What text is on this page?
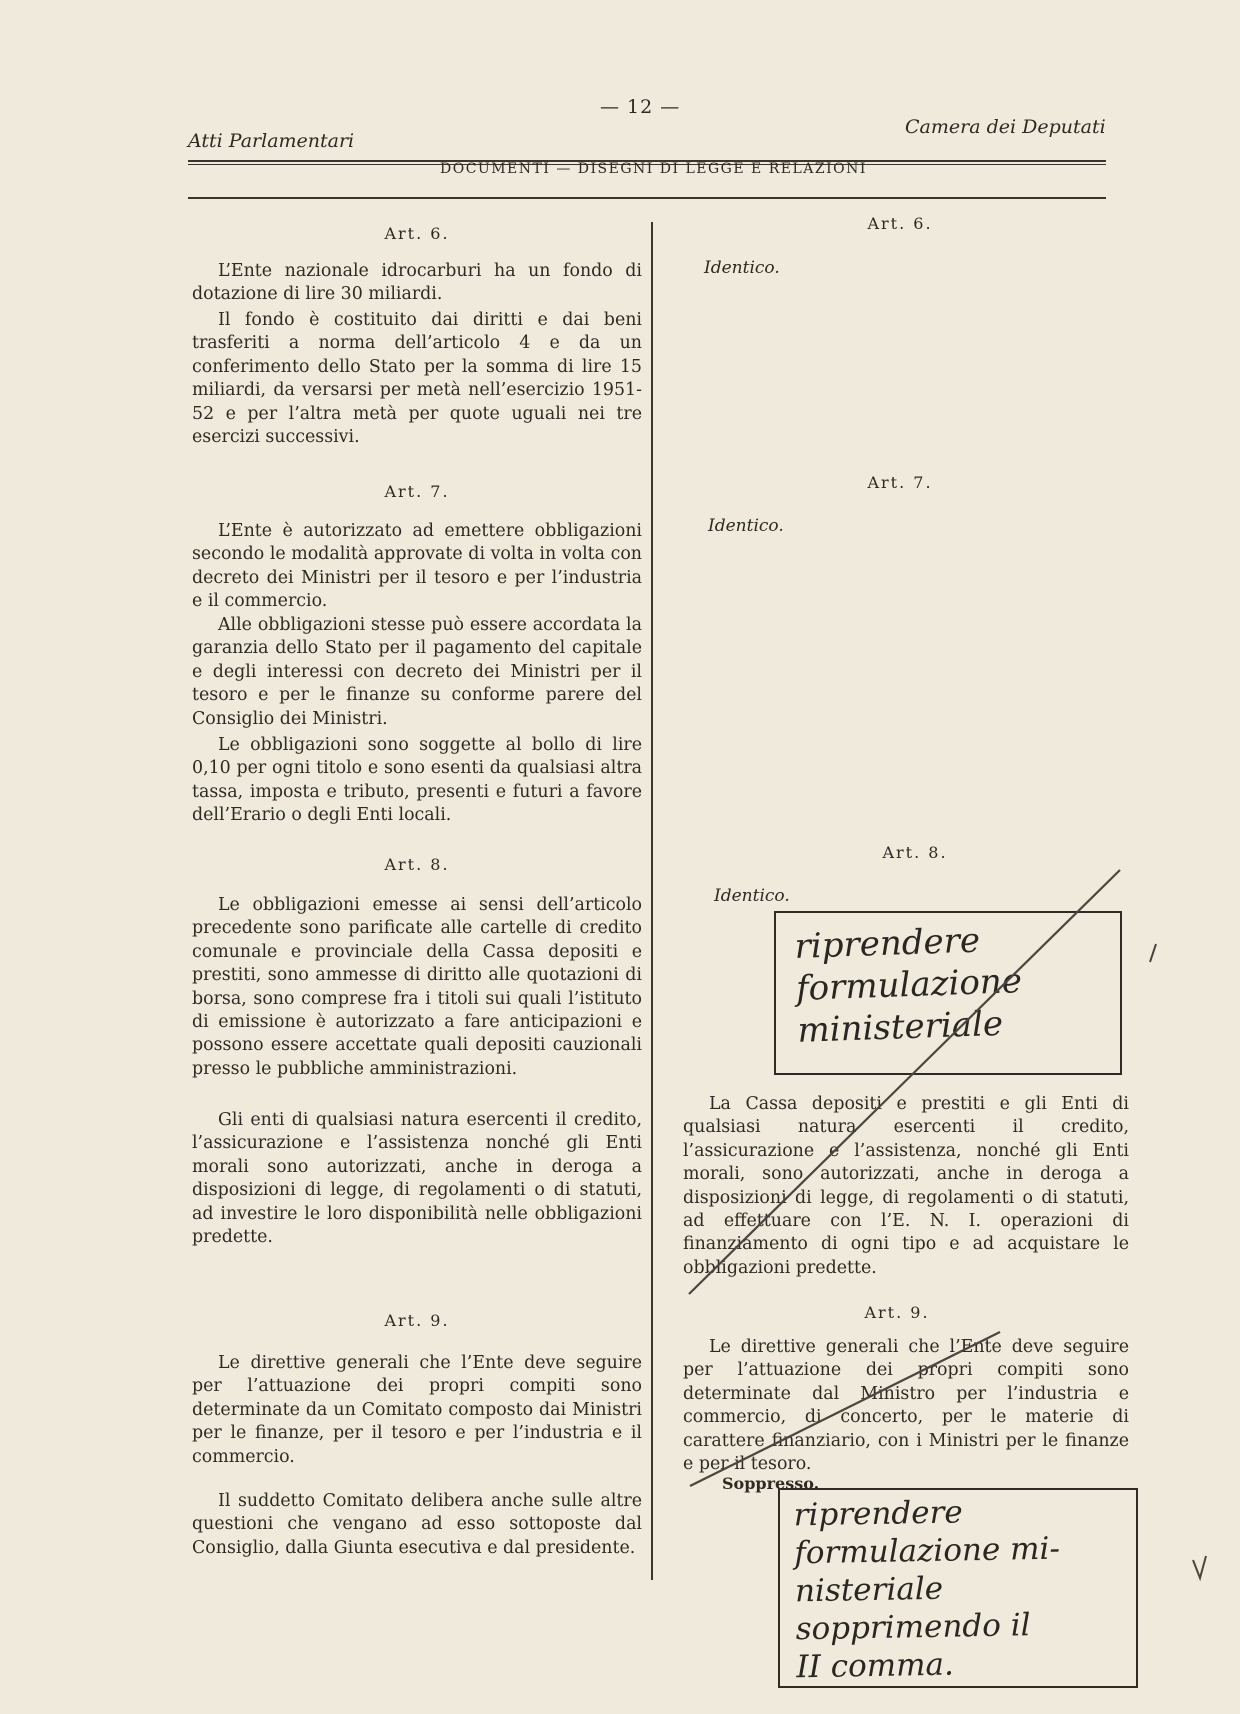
— 12 —
Atti Parlamentari
Camera dei Deputati
DOCUMENTI — DISEGNI DI LEGGE E RELAZIONI
Art. 6.
L’Ente nazionale idrocarburi ha un fondo di dotazione di lire 30 miliardi.
Il fondo è costituito dai diritti e dai beni trasferiti a norma dell’articolo 4 e da un conferimento dello Stato per la somma di lire 15 miliardi, da versarsi per metà nell’esercizio 1951-52 e per l’altra metà per quote uguali nei tre esercizi successivi.
Art. 7.
L’Ente è autorizzato ad emettere obbligazioni secondo le modalità approvate di volta in volta con decreto dei Ministri per il tesoro e per l’industria e il commercio.
Alle obbligazioni stesse può essere accordata la garanzia dello Stato per il pagamento del capitale e degli interessi con decreto dei Ministri per il tesoro e per le finanze su conforme parere del Consiglio dei Ministri.
Le obbligazioni sono soggette al bollo di lire 0,10 per ogni titolo e sono esenti da qualsiasi altra tassa, imposta e tributo, presenti e futuri a favore dell’Erario o degli Enti locali.
Art. 8.
Le obbligazioni emesse ai sensi dell’articolo precedente sono parificate alle cartelle di credito comunale e provinciale della Cassa depositi e prestiti, sono ammesse di diritto alle quotazioni di borsa, sono comprese fra i titoli sui quali l’istituto di emissione è autorizzato a fare anticipazioni e possono essere accettate quali depositi cauzionali presso le pubbliche amministrazioni.
Gli enti di qualsiasi natura esercenti il credito, l’assicurazione e l’assistenza nonché gli Enti morali sono autorizzati, anche in deroga a disposizioni di legge, di regolamenti o di statuti, ad investire le loro disponibilità nelle obbligazioni predette.
Art. 9.
Le direttive generali che l’Ente deve seguire per l’attuazione dei propri compiti sono determinate da un Comitato composto dai Ministri per le finanze, per il tesoro e per l’industria e il commercio.
Il suddetto Comitato delibera anche sulle altre questioni che vengano ad esso sottoposte dal Consiglio, dalla Giunta esecutiva e dal presidente.
Art. 6.
Identico.
Art. 7.
Identico.
Art. 8.
Identico.
riprendere
formulazione
ministeriale
La Cassa depositi e prestiti e gli Enti di qualsiasi natura esercenti il credito, l’assicurazione e l’assistenza, nonché gli Enti morali, sono autorizzati, anche in deroga a disposizioni di legge, di regolamenti o di statuti, ad effettuare con l’E. N. I. operazioni di finanziamento di ogni tipo e ad acquistare le obbligazioni predette.
Art. 9.
Le direttive generali che l’Ente deve seguire per l’attuazione dei propri compiti sono determinate dal Ministro per l’industria e commercio, di concerto, per le materie di carattere finanziario, con i Ministri per le finanze e per il tesoro.
Soppresso.
riprendere
formulazione mi-
nisteriale
sopprimendo il
II comma.
